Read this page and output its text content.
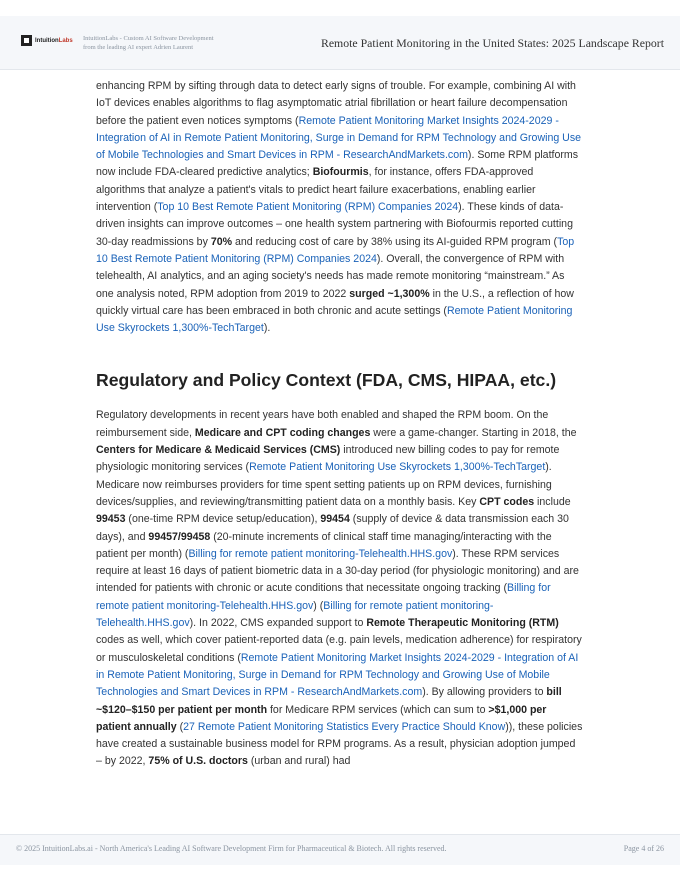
IntuitionLabs IntuitionLabs - Custom AI Software Development
from the leading AI expert Adrien Laurent	Remote Patient Monitoring in the United States: 2025 Landscape Report

enhancing RPM by sifting through data to detect early signs of trouble. For example, combining AI with IoT devices enables algorithms to flag asymptomatic atrial fibrillation or heart failure decompensation before the patient even notices symptoms (Remote Patient Monitoring Market Insights 2024-2029 - Integration of AI in Remote Patient Monitoring, Surge in Demand for RPM Technology and Growing Use of Mobile Technologies and Smart Devices in RPM - ResearchAndMarkets.com). Some RPM platforms now include FDA-cleared predictive analytics; Biofourmis, for instance, offers FDA-approved algorithms that analyze a patient's vitals to predict heart failure exacerbations, enabling earlier intervention (Top 10 Best Remote Patient Monitoring (RPM) Companies 2024). These kinds of data-driven insights can improve outcomes – one health system partnering with Biofourmis reported cutting 30-day readmissions by 70% and reducing cost of care by 38% using its AI-guided RPM program (Top 10 Best Remote Patient Monitoring (RPM) Companies 2024). Overall, the convergence of RPM with telehealth, AI analytics, and an aging society's needs has made remote monitoring “mainstream.” As one analysis noted, RPM adoption from 2019 to 2022 surged ~1,300% in the U.S., a reflection of how quickly virtual care has been embraced in both chronic and acute settings (Remote Patient Monitoring Use Skyrockets 1,300%-TechTarget).

Regulatory and Policy Context (FDA, CMS, HIPAA, etc.)

Regulatory developments in recent years have both enabled and shaped the RPM boom. On the reimbursement side, Medicare and CPT coding changes were a game-changer. Starting in 2018, the Centers for Medicare & Medicaid Services (CMS) introduced new billing codes to pay for remote physiologic monitoring services (Remote Patient Monitoring Use Skyrockets 1,300%-TechTarget). Medicare now reimburses providers for time spent setting patients up on RPM devices, furnishing devices/supplies, and reviewing/transmitting patient data on a monthly basis. Key CPT codes include 99453 (one-time RPM device setup/education), 99454 (supply of device & data transmission each 30 days), and 99457/99458 (20-minute increments of clinical staff time managing/interacting with the patient per month) (Billing for remote patient monitoring-Telehealth.HHS.gov). These RPM services require at least 16 days of patient biometric data in a 30-day period (for physiologic monitoring) and are intended for patients with chronic or acute conditions that necessitate ongoing tracking (Billing for remote patient monitoring-Telehealth.HHS.gov) (Billing for remote patient monitoring-Telehealth.HHS.gov). In 2022, CMS expanded support to Remote Therapeutic Monitoring (RTM) codes as well, which cover patient-reported data (e.g. pain levels, medication adherence) for respiratory or musculoskeletal conditions (Remote Patient Monitoring Market Insights 2024-2029 - Integration of AI in Remote Patient Monitoring, Surge in Demand for RPM Technology and Growing Use of Mobile Technologies and Smart Devices in RPM - ResearchAndMarkets.com). By allowing providers to bill ~$120–$150 per patient per month for Medicare RPM services (which can sum to >$1,000 per patient annually (27 Remote Patient Monitoring Statistics Every Practice Should Know)), these policies have created a sustainable business model for RPM programs. As a result, physician adoption jumped – by 2022, 75% of U.S. doctors (urban and rural) had

© 2025 IntuitionLabs.ai - North America's Leading AI Software Development Firm for Pharmaceutical & Biotech. All rights reserved.	Page 4 of 26
